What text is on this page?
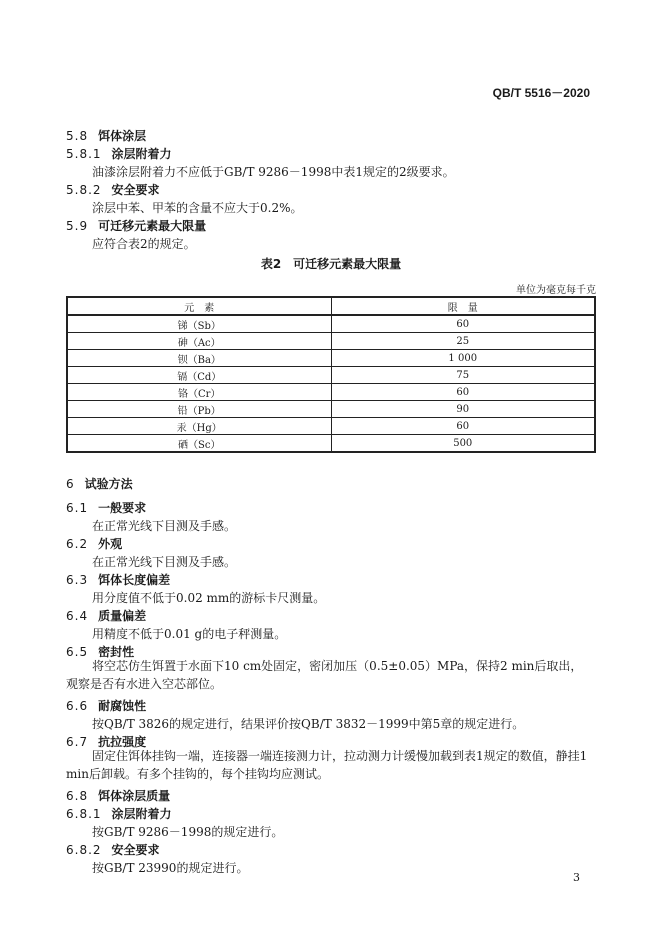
QB/T 5516－2020
5.8 饵体涂层
5.8.1 涂层附着力
油漆涂层附着力不应低于GB/T 9286－1998中表1规定的2级要求。
5.8.2 安全要求
涂层中苯、甲苯的含量不应大于0.2%。
5.9 可迁移元素最大限量
应符合表2的规定。
表2　可迁移元素最大限量
单位为毫克每千克
元　素	限　量
锑（Sb）	60
砷（Ac）	25
钡（Ba）	1 000
镉（Cd）	75
铬（Cr）	60
铅（Pb）	90
汞（Hg）	60
硒（Sc）	500
6 试验方法
6.1 一般要求
在正常光线下目测及手感。
6.2 外观
在正常光线下目测及手感。
6.3 饵体长度偏差
用分度值不低于0.02 mm的游标卡尺测量。
6.4 质量偏差
用精度不低于0.01 g的电子秤测量。
6.5 密封性
将空芯仿生饵置于水面下10 cm处固定，密闭加压（0.5±0.05）MPa，保持2 min后取出，观察是否有水进入空芯部位。
6.6 耐腐蚀性
按QB/T 3826的规定进行，结果评价按QB/T 3832－1999中第5章的规定进行。
6.7 抗拉强度
固定住饵体挂钩一端，连接器一端连接测力计，拉动测力计缓慢加载到表1规定的数值，静挂1 min后卸载。有多个挂钩的，每个挂钩均应测试。
6.8 饵体涂层质量
6.8.1 涂层附着力
按GB/T 9286－1998的规定进行。
6.8.2 安全要求
按GB/T 23990的规定进行。
3
